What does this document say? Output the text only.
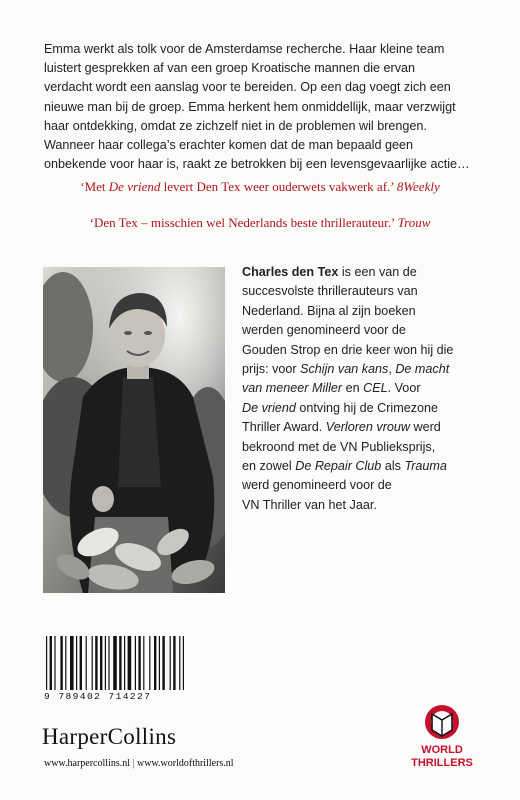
Emma werkt als tolk voor de Amsterdamse recherche. Haar kleine team
luistert gesprekken af van een groep Kroatische mannen die ervan
verdacht wordt een aanslag voor te bereiden. Op een dag voegt zich een
nieuwe man bij de groep. Emma herkent hem onmiddellijk, maar verzwijgt
haar ontdekking, omdat ze zichzelf niet in de problemen wil brengen.
Wanneer haar collega’s erachter komen dat de man bepaald geen
onbekende voor haar is, raakt ze betrokken bij een levensgevaarlijke actie…

‘Met De vriend levert Den Tex weer ouderwets vakwerk af.’ 8Weekly

‘Den Tex – misschien wel Nederlands beste thrillerauteur.’ Trouw

Charles den Tex is een van de
succesvolste thrillerauteurs van
Nederland. Bijna al zijn boeken
werden genomineerd voor de
Gouden Strop en drie keer won hij die
prijs: voor Schijn van kans, De macht
van meneer Miller en CEL. Voor
De vriend ontving hij de Crimezone
Thriller Award. Verloren vrouw werd
bekroond met de VN Publieksprijs,
en zowel De Repair Club als Trauma
werd genomineerd voor de
VN Thriller van het Jaar.

9 789402 714227

HarperCollins

www.harpercollins.nl | www.worldofthrillers.nl

WORLD
THRILLERS
